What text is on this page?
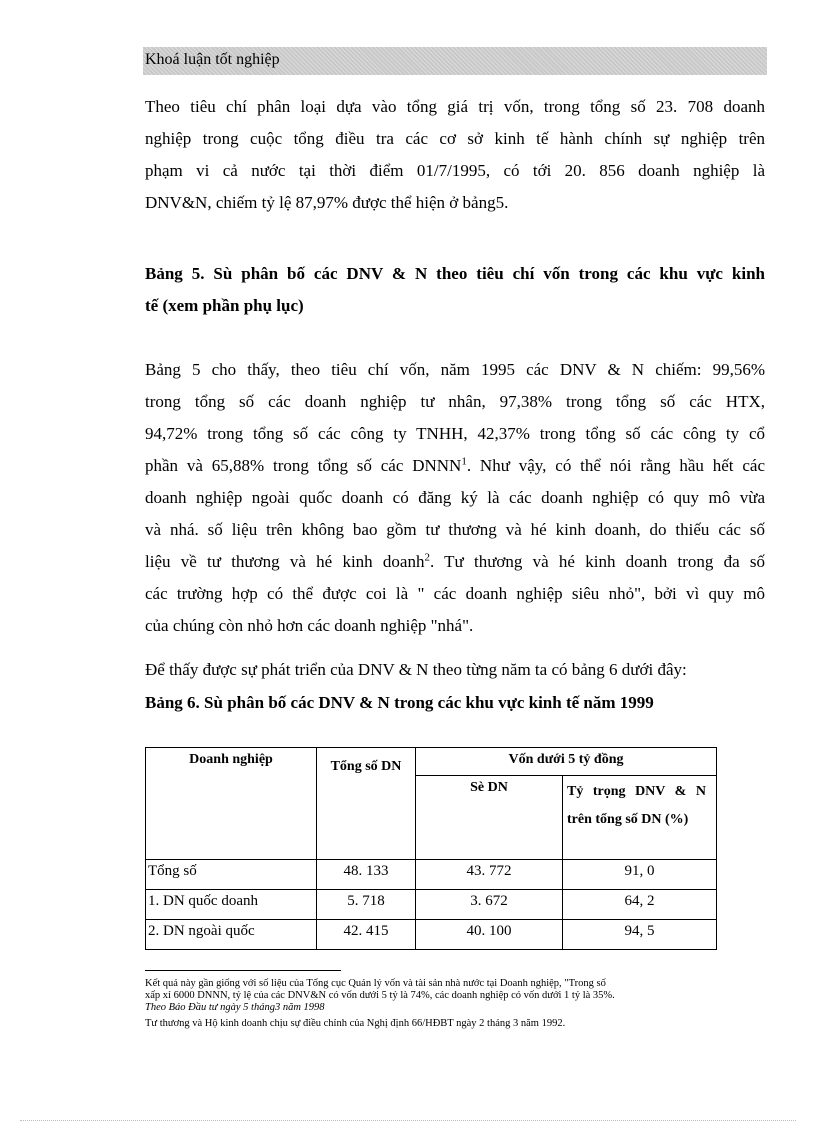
Khoá luận tốt nghiệp
Theo tiêu chí phân loại dựa vào tổng giá trị vốn, trong tổng số 23. 708 doanh
nghiệp trong cuộc tổng điều tra các cơ sở kinh tế hành chính sự nghiệp trên
phạm vi cả nước tại thời điểm 01/7/1995, có tới 20. 856 doanh nghiệp là
DNV&N, chiếm tỷ lệ 87,97% được thể hiện ở bảng5.
Bảng 5. Sù phân bố các DNV & N theo tiêu chí vốn trong các khu vực kinh
tế (xem phần phụ lục)
Bảng 5 cho thấy, theo tiêu chí vốn, năm 1995 các DNV & N chiếm: 99,56%
trong tổng số các doanh nghiệp tư nhân, 97,38% trong tổng số các HTX,
94,72% trong tổng số các công ty TNHH, 42,37% trong tổng số các công ty cổ
phần và 65,88% trong tổng số các DNNN$^1$. Như vậy, có thể nói rằng hầu hết các
doanh nghiệp ngoài quốc doanh có đăng ký là các doanh nghiệp có quy mô vừa
và nhá. số liệu trên không bao gồm tư thương và hé kinh doanh, do thiếu các số
liệu về tư thương và hé kinh doanh$^2$. Tư thương và hé kinh doanh trong đa số
các trường hợp có thể được coi là " các doanh nghiệp siêu nhỏ", bởi vì quy mô
của chúng còn nhỏ hơn các doanh nghiệp "nhá".
Để thấy được sự phát triển của DNV & N theo từng năm ta có bảng 6 dưới đây:
Bảng 6. Sù phân bố các DNV & N trong các khu vực kinh tế năm 1999
Doanh nghiệp	Tổng số DN	Vốn dưới 5 tỷ đồng	
		Sè DN	Tỷ trọng DNV & N trên tổng số DN (%)
Tổng số	48. 133	43. 772	91, 0
1. DN quốc doanh	5. 718	3. 672	64, 2
2. DN ngoài quốc	42. 415	40. 100	94, 5
Kết quả này gần giống với số liệu của Tổng cục Quản lý vốn và tài sản nhà nước tại Doanh nghiệp, "Trong số
xấp xỉ 6000 DNNN, tỷ lệ của các DNV&N có vốn dưới 5 tỷ là 74%, các doanh nghiệp có vốn dưới 1 tỷ là 35%.
Theo Báo Đầu tư ngày 5 tháng3 năm 1998
Tư thương và Hộ kinh doanh chịu sự điều chỉnh của Nghị định 66/HĐBT ngày 2 tháng 3 năm 1992.
